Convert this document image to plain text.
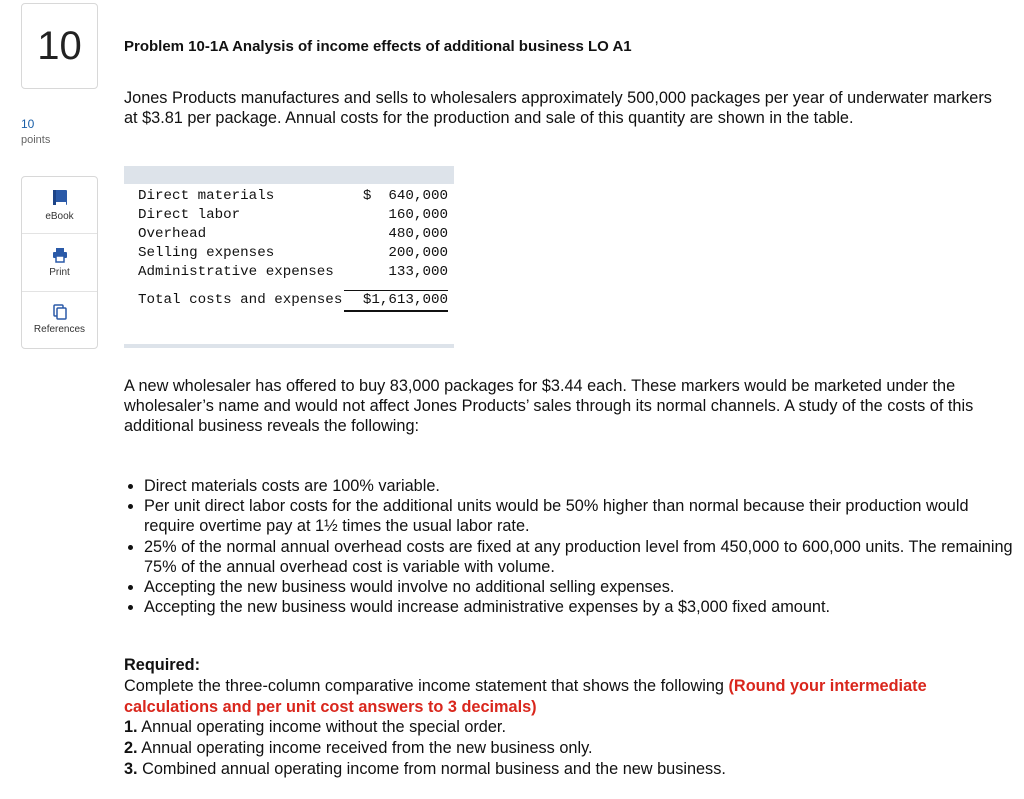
10
10
points
eBook
Print
References
Problem 10-1A Analysis of income effects of additional business LO A1
Jones Products manufactures and sells to wholesalers approximately 500,000 packages per year of underwater markers at $3.81 per package. Annual costs for the production and sale of this quantity are shown in the table.
Direct materials	$  640,000
Direct labor	160,000
Overhead	480,000
Selling expenses	200,000
Administrative expenses	133,000
Total costs and expenses	$1,613,000
A new wholesaler has offered to buy 83,000 packages for $3.44 each. These markers would be marketed under the wholesaler’s name and would not affect Jones Products’ sales through its normal channels. A study of the costs of this additional business reveals the following:
• Direct materials costs are 100% variable.
• Per unit direct labor costs for the additional units would be 50% higher than normal because their production would require overtime pay at 1½ times the usual labor rate.
• 25% of the normal annual overhead costs are fixed at any production level from 450,000 to 600,000 units. The remaining 75% of the annual overhead cost is variable with volume.
• Accepting the new business would involve no additional selling expenses.
• Accepting the new business would increase administrative expenses by a $3,000 fixed amount.
Required:
Complete the three-column comparative income statement that shows the following (Round your intermediate calculations and per unit cost answers to 3 decimals)
1. Annual operating income without the special order.
2. Annual operating income received from the new business only.
3. Combined annual operating income from normal business and the new business.
